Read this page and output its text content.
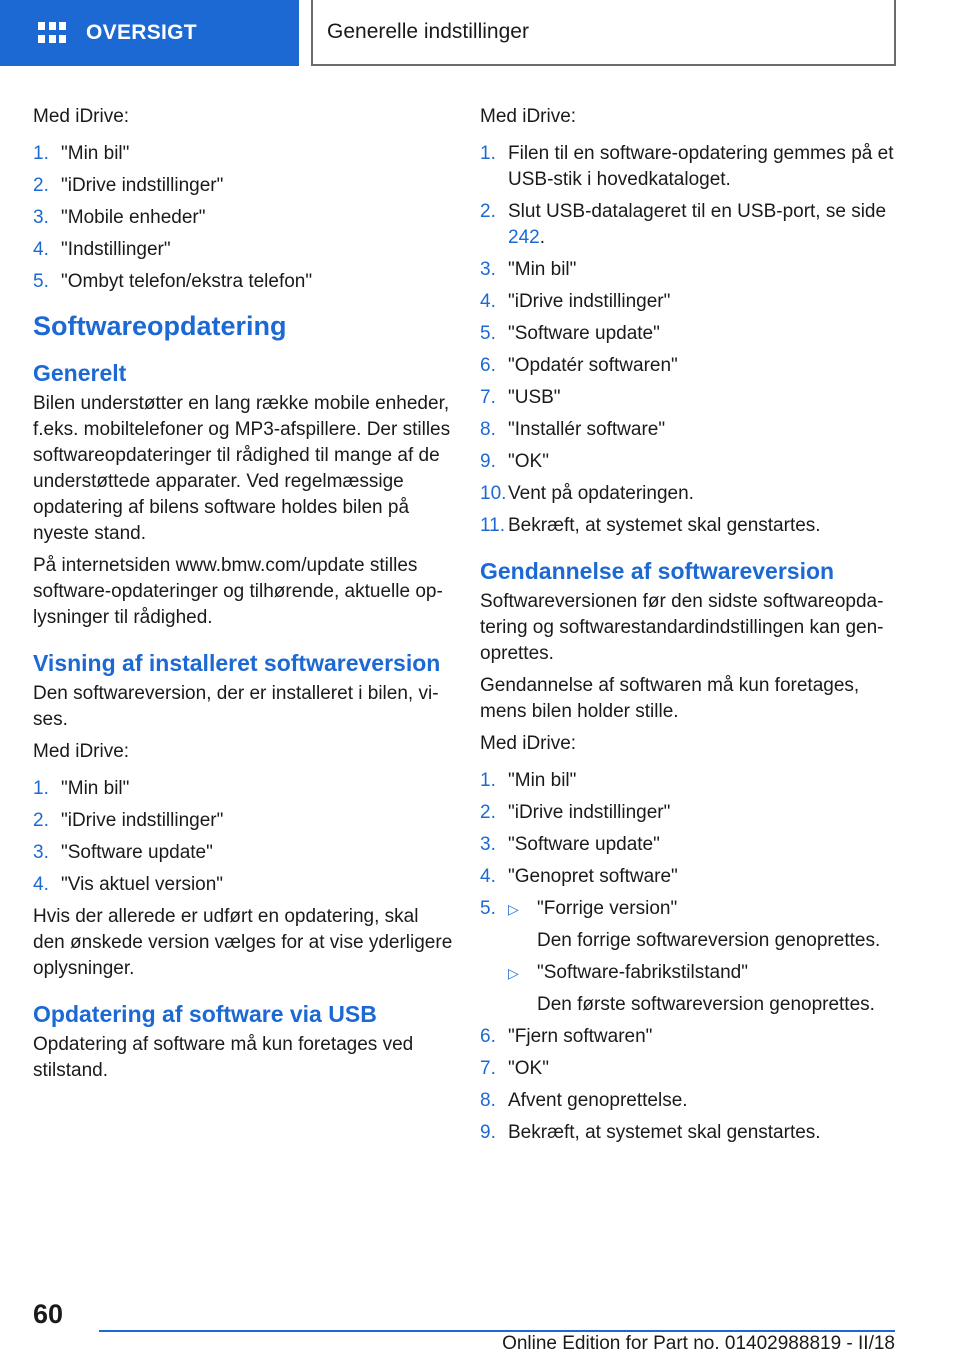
OVERSIGT	Generelle indstillinger
Med iDrive:
1. "Min bil"
2. "iDrive indstillinger"
3. "Mobile enheder"
4. "Indstillinger"
5. "Ombyt telefon/ekstra telefon"
Softwareopdatering
Generelt
Bilen understøtter en lang række mobile enheder, f.eks. mobiltelefoner og MP3-afspillere. Der stilles softwareopdateringer til rådighed til mange af de understøttede apparater. Ved regelmæssige opdatering af bilens software holdes bilen på nyeste stand.
På internetsiden www.bmw.com/update stilles software-opdateringer og tilhørende, aktuelle oplysninger til rådighed.
Visning af installeret softwareversion
Den softwareversion, der er installeret i bilen, vises.
Med iDrive:
1. "Min bil"
2. "iDrive indstillinger"
3. "Software update"
4. "Vis aktuel version"
Hvis der allerede er udført en opdatering, skal den ønskede version vælges for at vise yderligere oplysninger.
Opdatering af software via USB
Opdatering af software må kun foretages ved stilstand.
Med iDrive:
1. Filen til en software-opdatering gemmes på et USB-stik i hovedkataloget.
2. Slut USB-datalageret til en USB-port, se side 242.
3. "Min bil"
4. "iDrive indstillinger"
5. "Software update"
6. "Opdatér softwaren"
7. "USB"
8. "Installér software"
9. "OK"
10. Vent på opdateringen.
11. Bekræft, at systemet skal genstartes.
Gendannelse af softwareversion
Softwareversionen før den sidste softwareopdatering og softwarestandardindstillingen kan genoprettes.
Gendannelse af softwaren må kun foretages, mens bilen holder stille.
Med iDrive:
1. "Min bil"
2. "iDrive indstillinger"
3. "Software update"
4. "Genopret software"
5. ▷ "Forrige version"
Den forrige softwareversion genoprettes.
▷ "Software-fabrikstilstand"
Den første softwareversion genoprettes.
6. "Fjern softwaren"
7. "OK"
8. Afvent genoprettelse.
9. Bekræft, at systemet skal genstartes.
60
Online Edition for Part no. 01402988819 - II/18
